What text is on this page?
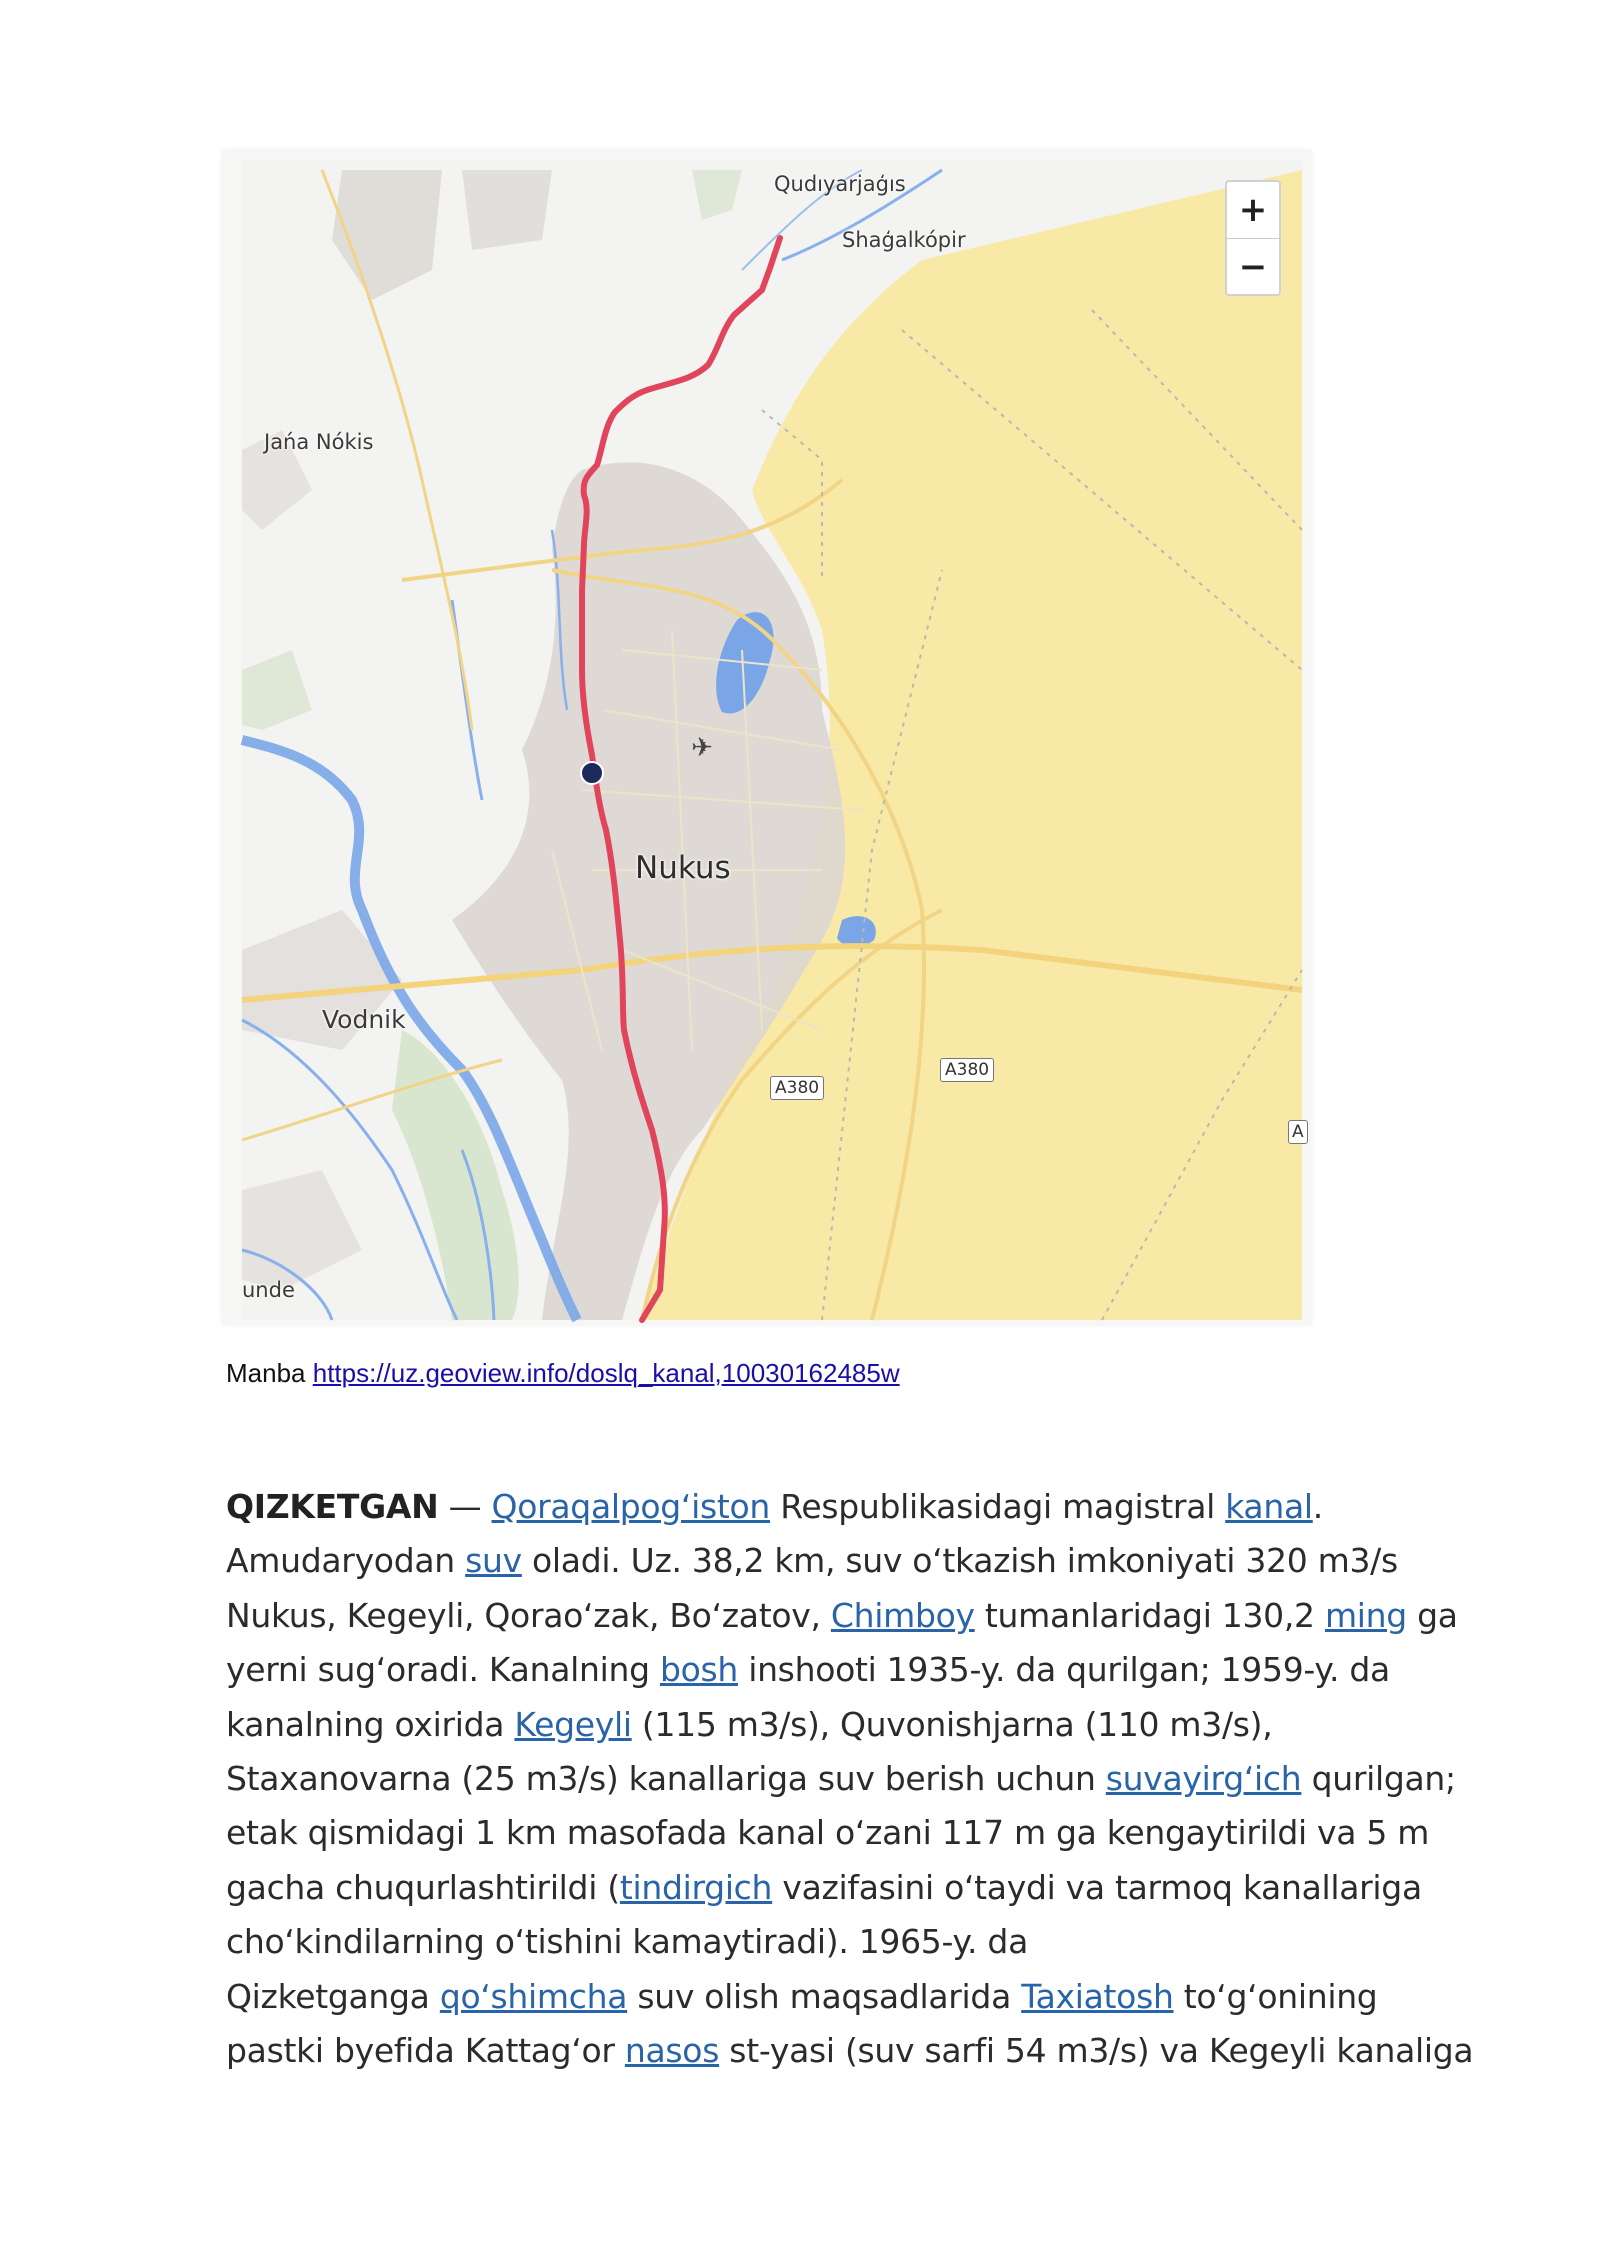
✈
+
−
Qudıyarjaģıs
Shaģalkópir
Jańa Nókis
Nukus
Vodnik
unde
A380
A380
A
Manba https://uz.geoview.info/doslq_kanal,10030162485w
QIZKETGAN — Qoraqalpogʻiston Respublikasidagi magistral kanal.
Amudaryodan suv oladi. Uz. 38,2 km, suv oʻtkazish imkoniyati 320 m3/s
Nukus, Kegeyli, Qoraoʻzak, Boʻzatov, Chimboy tumanlaridagi 130,2 ming ga
yerni sugʻoradi. Kanalning bosh inshooti 1935-y. da qurilgan; 1959-y. da
kanalning oxirida Kegeyli (115 m3/s), Quvonishjarna (110 m3/s),
Staxanovarna (25 m3/s) kanallariga suv berish uchun suvayirgʻich qurilgan;
etak qismidagi 1 km masofada kanal oʻzani 117 m ga kengaytirildi va 5 m
gacha chuqurlashtirildi (tindirgich vazifasini oʻtaydi va tarmoq kanallariga
choʻkindilarning oʻtishini kamaytiradi). 1965-y. da
Qizketganga qoʻshimcha suv olish maqsadlarida Taxiatosh toʻgʻonining
pastki byefida Kattagʻor nasos st-yasi (suv sarfi 54 m3/s) va Kegeyli kanaliga
